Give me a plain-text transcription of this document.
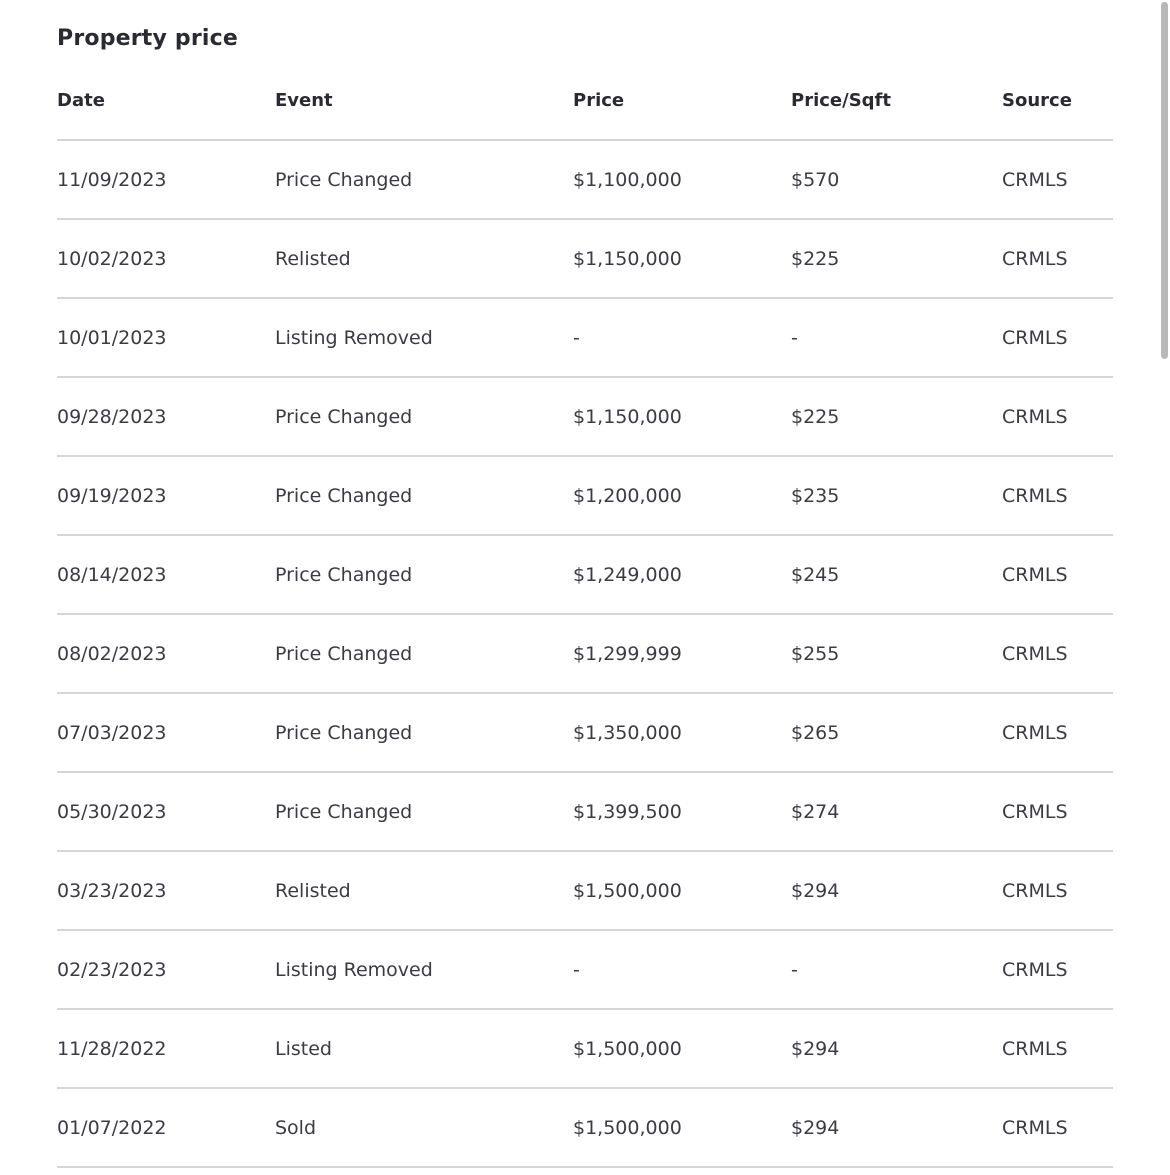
Property price
Date	Event	Price	Price/Sqft	Source
11/09/2023	Price Changed	$1,100,000	$570	CRMLS
10/02/2023	Relisted	$1,150,000	$225	CRMLS
10/01/2023	Listing Removed	-	-	CRMLS
09/28/2023	Price Changed	$1,150,000	$225	CRMLS
09/19/2023	Price Changed	$1,200,000	$235	CRMLS
08/14/2023	Price Changed	$1,249,000	$245	CRMLS
08/02/2023	Price Changed	$1,299,999	$255	CRMLS
07/03/2023	Price Changed	$1,350,000	$265	CRMLS
05/30/2023	Price Changed	$1,399,500	$274	CRMLS
03/23/2023	Relisted	$1,500,000	$294	CRMLS
02/23/2023	Listing Removed	-	-	CRMLS
11/28/2022	Listed	$1,500,000	$294	CRMLS
01/07/2022	Sold	$1,500,000	$294	CRMLS
